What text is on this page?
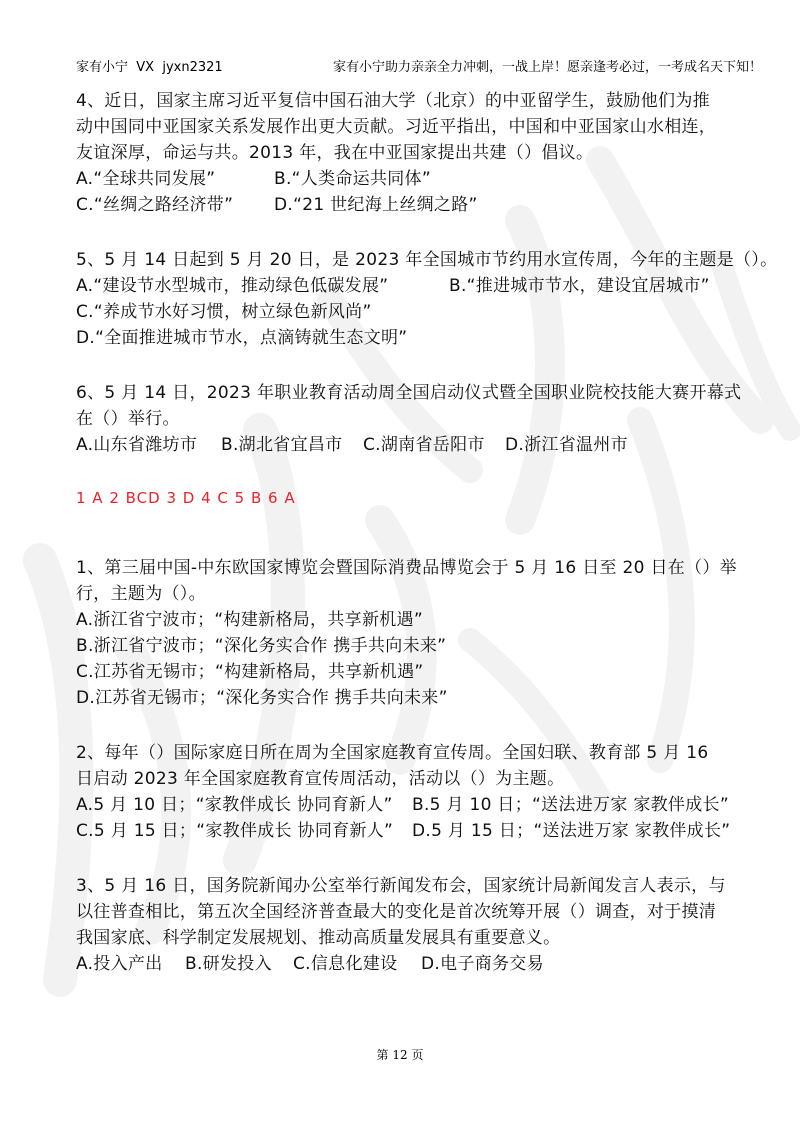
家有小宁  VX  jyxn2321	家有小宁助力亲亲全力冲刺，一战上岸！愿亲逢考必过，一考成名天下知！
4、近日，国家主席习近平复信中国石油大学（北京）的中亚留学生，鼓励他们为推
动中国同中亚国家关系发展作出更大贡献。习近平指出，中国和中亚国家山水相连，
友谊深厚，命运与共。2013 年，我在中亚国家提出共建（）倡议。
A.“全球共同发展”	B.“人类命运共同体”
C.“丝绸之路经济带”	D.“21 世纪海上丝绸之路”
5、5 月 14 日起到 5 月 20 日，是 2023 年全国城市节约用水宣传周，今年的主题是（）。
A.“建设节水型城市，推动绿色低碳发展”	B.“推进城市节水，建设宜居城市”
C.“养成节水好习惯，树立绿色新风尚”
D.“全面推进城市节水，点滴铸就生态文明”
6、5 月 14 日，2023 年职业教育活动周全国启动仪式暨全国职业院校技能大赛开幕式
在（）举行。
A.山东省潍坊市	B.湖北省宜昌市	C.湖南省岳阳市	D.浙江省温州市
1 A 2 BCD 3 D 4 C 5 B 6 A
1、第三届中国-中东欧国家博览会暨国际消费品博览会于 5 月 16 日至 20 日在（）举
行，主题为（）。
A.浙江省宁波市；“构建新格局，共享新机遇”
B.浙江省宁波市；“深化务实合作 携手共向未来”
C.江苏省无锡市；“构建新格局，共享新机遇”
D.江苏省无锡市；“深化务实合作 携手共向未来”
2、每年（）国际家庭日所在周为全国家庭教育宣传周。全国妇联、教育部 5 月 16
日启动 2023 年全国家庭教育宣传周活动，活动以（）为主题。
A.5 月 10 日；“家教伴成长 协同育新人”	B.5 月 10 日；“送法进万家 家教伴成长”
C.5 月 15 日；“家教伴成长 协同育新人”	D.5 月 15 日；“送法进万家 家教伴成长”
3、5 月 16 日，国务院新闻办公室举行新闻发布会，国家统计局新闻发言人表示，与
以往普查相比，第五次全国经济普查最大的变化是首次统筹开展（）调查，对于摸清
我国家底、科学制定发展规划、推动高质量发展具有重要意义。
A.投入产出	B.研发投入	C.信息化建设	D.电子商务交易
第 12 页
